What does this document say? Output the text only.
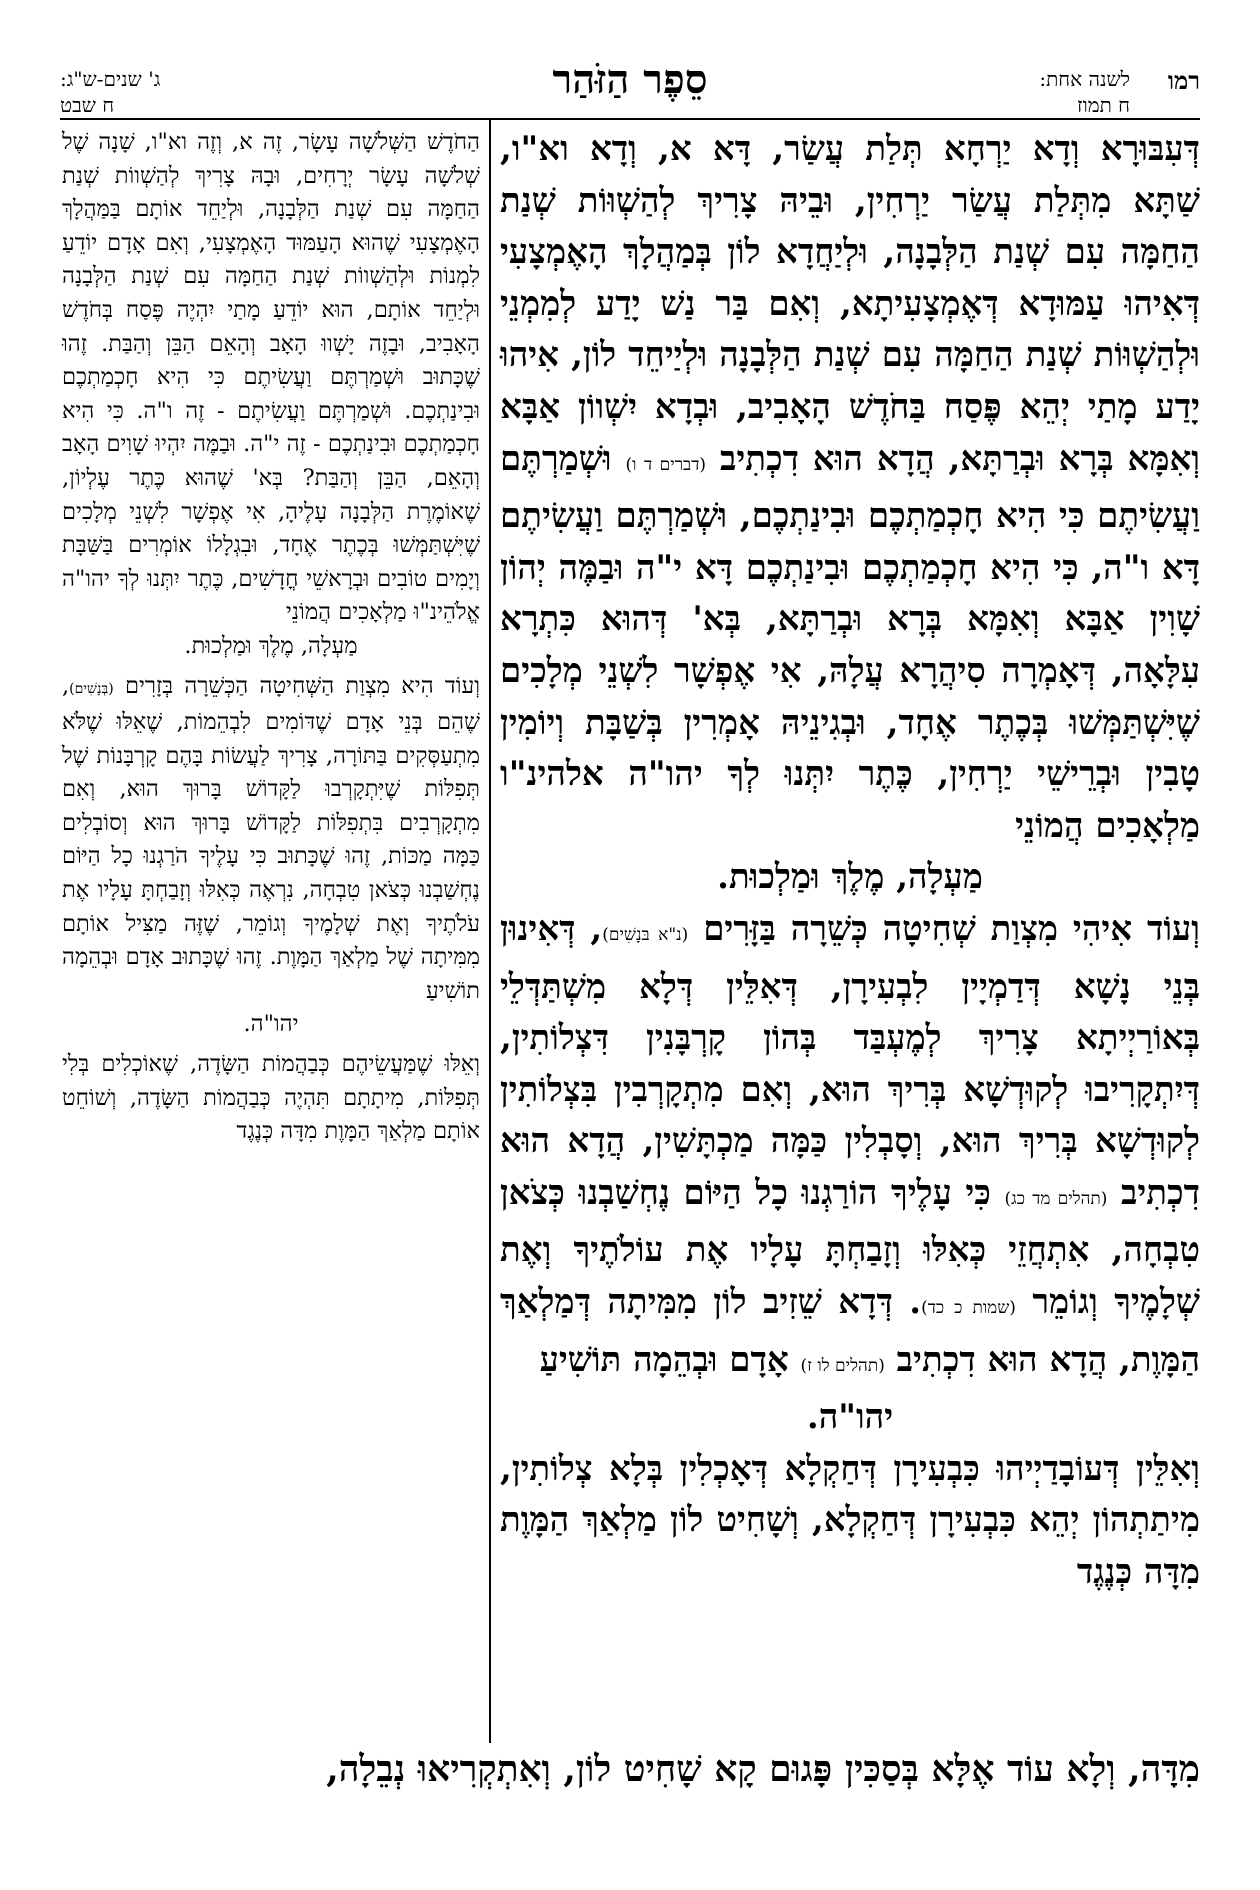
רמו
לשנה אחת:
ח תמוז
סֵפֶר הַזֹּהַר
ג' שנים-ש"ג:
ח שבט

דְּעִבּוּרָא וְדָא יַרְחָא תְּלַת עֲשַׂר, דָּא א, וְדָא וא"ו, שַׁתָּא מִתְּלַת עֲשַׂר יַרְחִין, וּבֵיהּ צָרִיךְ לְהַשְׁוּוֹת שְׁנַת הַחַמָּה עִם שְׁנַת הַלְּבָנָה, וּלְיַחֲדָא לוֹן בְּמַהֲלָךְ הָאֶמְצָעִי דְּאִיהוּ עַמּוּדָא דְּאֶמְצָעִיתָא, וְאִם בַּר נַשׁ יָדַע לְמִמְנֵי וּלְהַשְׁוּוֹת שְׁנַת הַחַמָּה עִם שְׁנַת הַלְּבָנָה וּלְיַיחֵד לוֹן, אִיהוּ יָדַע מָתַי יְהֵא פֶּסַח בַּחֹדֶשׁ הָאָבִיב, וּבְדָא יִשְׁווֹן אַבָּא וְאִמָּא בְּרָא וּבְרַתָּא, הֲדָא הוּא דִכְתִיב (דברים ד ו) וּשְׁמַרְתֶּם וַעֲשִׂיתֶם כִּי הִיא חָכְמַתְכֶם וּבִינַתְכֶם, וּשְׁמַרְתֶּם וַעֲשִׂיתֶם דָּא ו"ה, כִּי הִיא חָכְמַתְכֶם וּבִינַתְכֶם דָּא י"ה וּבַמֶּה יְהוֹן שָׁוִין אַבָּא וְאִמָּא בְּרָא וּבְרַתָּא, בְּא' דְּהוּא כִּתְרָא עִלָּאָה, דְּאָמְרָה סִיהֲרָא עֲלָהּ, אִי אֶפְשָׁר לִשְׁנֵי מְלָכִים שֶׁיִּשְׁתַּמְּשׁוּ בְּכֶתֶר אֶחָד, וּבְגִינֵיהּ אָמְרִין בְּשַׁבָּת וְיוֹמִין טָבִין וּבְרֵישֵׁי יַרְחִין, כֶּתֶר יִתְּנוּ לְךָ יהו"ה אלהינ"ו מַלְאָכִים הֲמוֹנֵי
מַעְלָה, מֶלֶךְ וּמַלְכוּת.

וְעוֹד אִיהִי מִצְוַת שְׁחִיטָה כְּשֵׁרָה בַּזָּרִים (נ"א בּנָשִׁים), דְּאִינוּן בְּנֵי נָשָׁא דְּדַמְיָין לִבְעִירָן, דְּאִלֵּין דְּלָא מִשְׁתַּדְּלֵי בְּאוֹרַיְיתָא צָרִיךְ לְמֶעְבַּד בְּהוֹן קָרְבָּנִין דִּצְלוֹתִין, דְּיִתְקָרִיבוּ לְקוּדְשָׁא בְּרִיךְ הוּא, וְאִם מִתְקָרְבִין בִּצְלוֹתִין לְקוּדְשָׁא בְּרִיךְ הוּא, וְסָבְלִין כַּמָּה מַכְתָּשִׁין, הֲדָא הוּא דִכְתִיב (תהלים מד כג) כִּי עָלֶיךָ הוֹרַגְנוּ כָל הַיּוֹם נֶחְשַׁבְנוּ כְּצֹאן טִבְחָה, אִתְחֲזֵי כְּאִלּוּ וְזָבַחְתָּ עָלָיו אֶת עוֹלֹתֶיךָ וְאֶת שְׁלָמֶיךָ וְגוֹמֵר (שמות כ כד). דְּדָא שֵׁזִיב לוֹן מִמִּיתָה דְּמַלְאַךְ הַמָּוֶת, הֲדָא הוּא דִכְתִיב (תהלים לו ז) אָדָם וּבְהֵמָה תּוֹשִׁיעַ
יהו"ה.

וְאִלֵּין דְּעוֹבָדַיְיהוּ כִּבְעִירָן דְּחַקְלָא דְּאָכְלִין בְּלָא צְלוֹתִין, מִיתַתְהוֹן יְהֵא כִּבְעִירָן דְּחַקְלָא, וְשָׁחִיט לוֹן מַלְאַךְ הַמָּוֶת מִדָּה כְּנֶגֶד

הַחֹדֶשׁ הַשְּׁלֹשָׁה עָשָׂר, זֶה א, וְזֶה וא"ו, שָׁנָה שֶׁל שְׁלֹשָׁה עָשָׂר יְרָחִים, וּבָהּ צָרִיךְ לְהַשְׁווֹת שְׁנַת הַחַמָּה עִם שְׁנַת הַלְּבָנָה, וּלְיַחֵד אוֹתָם בַּמַּהֲלָךְ הָאֶמְצָעִי שֶׁהוּא הָעַמּוּד הָאֶמְצָעִי, וְאִם אָדָם יוֹדֵעַ לִמְנוֹת וּלְהַשְׁווֹת שְׁנַת הַחַמָּה עִם שְׁנַת הַלְּבָנָה וּלְיַחֵד אוֹתָם, הוּא יוֹדֵעַ מָתַי יִהְיֶה פֶּסַח בְּחֹדֶשׁ הָאָבִיב, וּבָזֶה יָשְׁווּ הָאָב וְהָאֵם הַבֵּן וְהַבַּת. זֶהוּ שֶׁכָּתוּב וּשְׁמַרְתֶּם וַעֲשִׂיתֶם כִּי הִיא חָכְמַתְכֶם וּבִינַתְכֶם. וּשְׁמַרְתֶּם וַעֲשִׂיתֶם - זֶה ו"ה. כִּי הִיא חָכְמַתְכֶם וּבִינַתְכֶם - זֶה י"ה. וּבַמֶּה יִהְיוּ שָׁוִים הָאָב וְהָאֵם, הַבֵּן וְהַבַּת? בְּא' שֶׁהוּא כֶּתֶר עֶלְיוֹן, שֶׁאוֹמֶרֶת הַלְּבָנָה עָלֶיהָ, אִי אֶפְשָׁר לִשְׁנֵי מְלָכִים שֶׁיִּשְׁתַּמְּשׁוּ בְּכֶתֶר אֶחָד, וּבִגְלָלוֹ אוֹמְרִים בַּשַּׁבָּת וְיָמִים טוֹבִים וּבְרָאשֵׁי חֳדָשִׁים, כֶּתֶר יִתְּנוּ לְךָ יהו"ה אֱלֹהֵינ"וּ מַלְאָכִים הֲמוֹנֵי
מַעְלָה, מֶלֶךְ וּמַלְכוּת.

וְעוֹד הִיא מִצְוַת הַשְּׁחִיטָה הַכְּשֵׁרָה בְּזָרִים (בְּנָשִׁים), שֶׁהֵם בְּנֵי אָדָם שֶׁדּוֹמִים לִבְהֵמוֹת, שֶׁאֵלּוּ שֶׁלֹּא מִתְעַסְּקִים בַּתּוֹרָה, צָרִיךְ לַעֲשׂוֹת בָּהֶם קָרְבָּנוֹת שֶׁל תְּפִלּוֹת שֶׁיִּתְקָרְבוּ לַקָּדוֹשׁ בָּרוּךְ הוּא, וְאִם מִתְקָרְבִים בִּתְפִלּוֹת לַקָּדוֹשׁ בָּרוּךְ הוּא וְסוֹבְלִים כַּמָּה מַכּוֹת, זֶהוּ שֶׁכָּתוּב כִּי עָלֶיךָ הֹרַגְנוּ כָל הַיּוֹם נֶחְשַׁבְנוּ כְּצֹאן טִבְחָה, נִרְאֶה כְּאִלּוּ וְזָבַחְתָּ עָלָיו אֶת עֹלֹתֶיךָ וְאֶת שְׁלָמֶיךָ וְגוֹמֵר, שֶׁזֶּה מַצִּיל אוֹתָם מִמִּיתָה שֶׁל מַלְאַךְ הַמָּוֶת. זֶהוּ שֶׁכָּתוּב אָדָם וּבְהֵמָה תוֹשִׁיעַ
יהו"ה.

וְאֵלּוּ שֶׁמַּעֲשֵׂיהֶם כְּבַהֲמוֹת הַשָּׂדֶה, שֶׁאוֹכְלִים בְּלִי תְּפִלּוֹת, מִיתָתָם תִּהְיֶה כְּבַהֲמוֹת הַשָּׂדֶה, וְשׁוֹחֵט אוֹתָם מַלְאַךְ הַמָּוֶת מִדָּה כְּנֶגֶד

מִדָּה, וְלָא עוֹד אֶלָּא בְּסַכִּין פָּגוּם קָא שָׁחִיט לוֹן, וְאִתְקְרִיאוּ נְבֵלָה,
